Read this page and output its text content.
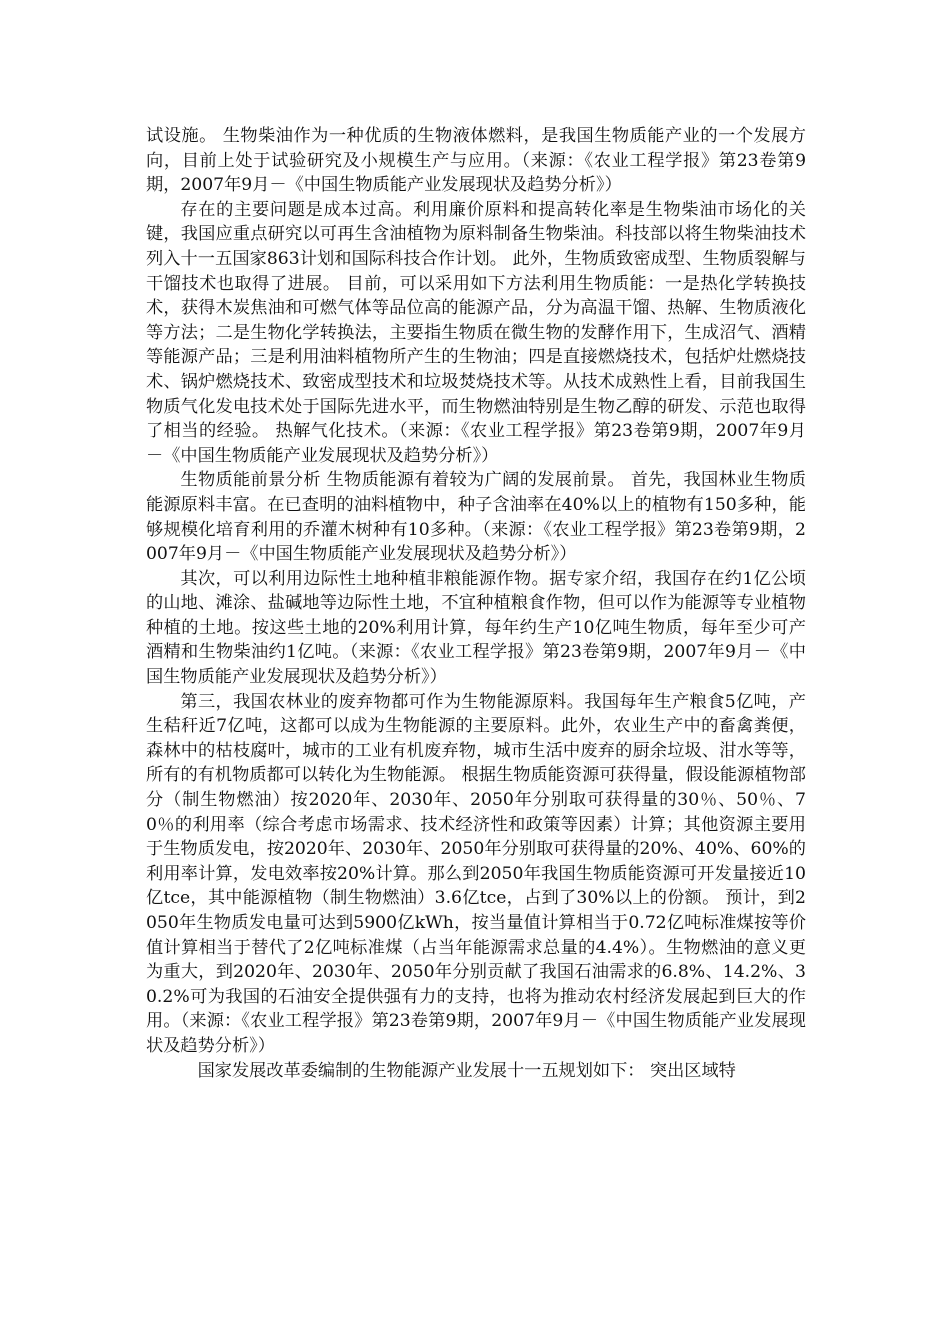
试设施。 生物柴油作为一种优质的生物液体燃料，是我国生物质能产业的一个发展方向，目前上处于试验研究及小规模生产与应用。（来源：《农业工程学报》第23卷第9期，2007年9月－《中国生物质能产业发展现状及趋势分析》）

存在的主要问题是成本过高。利用廉价原料和提高转化率是生物柴油市场化的关键，我国应重点研究以可再生含油植物为原料制备生物柴油。科技部以将生物柴油技术列入十一五国家863计划和国际科技合作计划。 此外，生物质致密成型、生物质裂解与干馏技术也取得了进展。 目前，可以采用如下方法利用生物质能：一是热化学转换技术，获得木炭焦油和可燃气体等品位高的能源产品，分为高温干馏、热解、生物质液化等方法；二是生物化学转换法，主要指生物质在微生物的发酵作用下，生成沼气、酒精等能源产品；三是利用油料植物所产生的生物油；四是直接燃烧技术，包括炉灶燃烧技术、锅炉燃烧技术、致密成型技术和垃圾焚烧技术等。从技术成熟性上看，目前我国生物质气化发电技术处于国际先进水平，而生物燃油特别是生物乙醇的研发、示范也取得了相当的经验。 热解气化技术。（来源：《农业工程学报》第23卷第9期，2007年9月－《中国生物质能产业发展现状及趋势分析》）

生物质能前景分析 生物质能源有着较为广阔的发展前景。 首先，我国林业生物质能源原料丰富。在已查明的油料植物中，种子含油率在40%以上的植物有150多种，能够规模化培育利用的乔灌木树种有10多种。（来源：《农业工程学报》第23卷第9期，2007年9月－《中国生物质能产业发展现状及趋势分析》）

其次，可以利用边际性土地种植非粮能源作物。据专家介绍，我国存在约1亿公顷的山地、滩涂、盐碱地等边际性土地，不宜种植粮食作物，但可以作为能源等专业植物种植的土地。按这些土地的20%利用计算，每年约生产10亿吨生物质，每年至少可产酒精和生物柴油约1亿吨。（来源：《农业工程学报》第23卷第9期，2007年9月－《中国生物质能产业发展现状及趋势分析》）

第三，我国农林业的废弃物都可作为生物能源原料。我国每年生产粮食5亿吨，产生秸秆近7亿吨，这都可以成为生物能源的主要原料。此外，农业生产中的畜禽粪便，森林中的枯枝腐叶，城市的工业有机废弃物，城市生活中废弃的厨余垃圾、泔水等等，所有的有机物质都可以转化为生物能源。 根据生物质能资源可获得量，假设能源植物部分（制生物燃油）按2020年、2030年、2050年分别取可获得量的30％、50％、70％的利用率（综合考虑市场需求、技术经济性和政策等因素）计算；其他资源主要用于生物质发电，按2020年、2030年、2050年分别取可获得量的20%、40%、60%的利用率计算，发电效率按20%计算。那么到2050年我国生物质能资源可开发量接近10亿tce，其中能源植物（制生物燃油）3.6亿tce，占到了30%以上的份额。 预计，到2050年生物质发电量可达到5900亿kWh，按当量值计算相当于0.72亿吨标准煤按等价值计算相当于替代了2亿吨标准煤（占当年能源需求总量的4.4%）。生物燃油的意义更为重大，到2020年、2030年、2050年分别贡献了我国石油需求的6.8%、14.2%、30.2%可为我国的石油安全提供强有力的支持，也将为推动农村经济发展起到巨大的作用。（来源：《农业工程学报》第23卷第9期，2007年9月－《中国生物质能产业发展现状及趋势分析》）

国家发展改革委编制的生物能源产业发展十一五规划如下： 突出区域特
